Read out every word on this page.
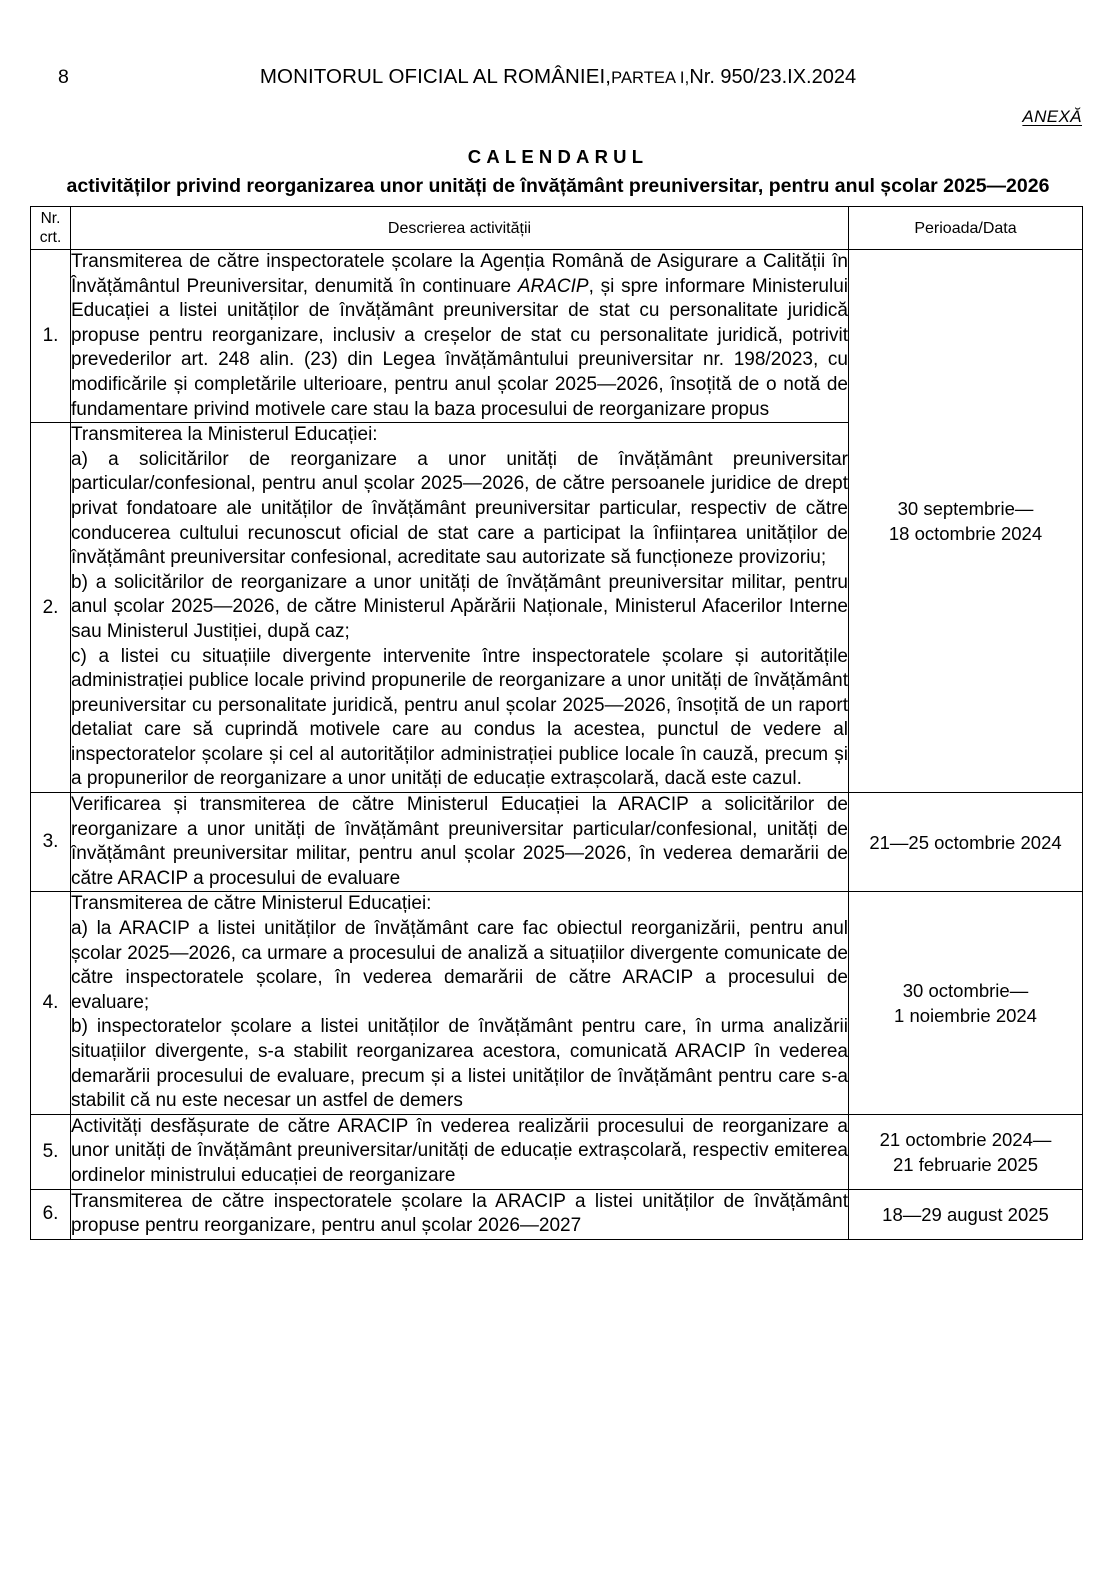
8	MONITORUL OFICIAL AL ROMÂNIEI,PARTEA I,Nr. 950/23.IX.2024
ANEXĂ
CALENDARUL
activităților privind reorganizarea unor unități de învățământ preuniversitar, pentru anul școlar 2025—2026
Nr.
crt.	Descrierea activității	Perioada/Data
1.	Transmiterea de către inspectoratele școlare la Agenția Română de Asigurare a Calității în Învățământul Preuniversitar, denumită în continuare ARACIP, și spre informare Ministerului Educației a listei unităților de învățământ preuniversitar de stat cu personalitate juridică propuse pentru reorganizare, inclusiv a creșelor de stat cu personalitate juridică, potrivit prevederilor art. 248 alin. (23) din Legea învățământului preuniversitar nr. 198/2023, cu modificările și completările ulterioare, pentru anul școlar 2025—2026, însoțită de o notă de fundamentare privind motivele care stau la baza procesului de reorganizare propus	30 septembrie—
18 octombrie 2024
2.	Transmiterea la Ministerul Educației:

a) a solicitărilor de reorganizare a unor unități de învățământ preuniversitar particular/confesional, pentru anul școlar 2025—2026, de către persoanele juridice de drept privat fondatoare ale unităților de învățământ preuniversitar particular, respectiv de către conducerea cultului recunoscut oficial de stat care a participat la înființarea unităților de învățământ preuniversitar confesional, acreditate sau autorizate să funcționeze provizoriu;

b) a solicitărilor de reorganizare a unor unități de învățământ preuniversitar militar, pentru anul școlar 2025—2026, de către Ministerul Apărării Naționale, Ministerul Afacerilor Interne sau Ministerul Justiției, după caz;

c) a listei cu situațiile divergente intervenite între inspectoratele școlare și autoritățile administrației publice locale privind propunerile de reorganizare a unor unități de învățământ preuniversitar cu personalitate juridică, pentru anul școlar 2025—2026, însoțită de un raport detaliat care să cuprindă motivele care au condus la acestea, punctul de vedere al inspectoratelor școlare și cel al autorităților administrației publice locale în cauză, precum și a propunerilor de reorganizare a unor unități de educație extrașcolară, dacă este cazul.	

3.	Verificarea și transmiterea de către Ministerul Educației la ARACIP a solicitărilor de reorganizare a unor unități de învățământ preuniversitar particular/confesional, unități de învățământ preuniversitar militar, pentru anul școlar 2025—2026, în vederea demarării de către ARACIP a procesului de evaluare	21—25 octombrie 2024
4.	

Transmiterea de către Ministerul Educației:

a) la ARACIP a listei unităților de învățământ care fac obiectul reorganizării, pentru anul școlar 2025—2026, ca urmare a procesului de analiză a situațiilor divergente comunicate de către inspectoratele școlare, în vederea demarării de către ARACIP a procesului de evaluare;

b) inspectoratelor școlare a listei unităților de învățământ pentru care, în urma analizării situațiilor divergente, s-a stabilit reorganizarea acestora, comunicată ARACIP în vederea demarării procesului de evaluare, precum și a listei unităților de învățământ pentru care s-a stabilit că nu este necesar un astfel de demers

	30 octombrie—
1 noiembrie 2024
5.	Activități desfășurate de către ARACIP în vederea realizării procesului de reorganizare a unor unități de învățământ preuniversitar/unități de educație extrașcolară, respectiv emiterea ordinelor ministrului educației de reorganizare	21 octombrie 2024—
21 februarie 2025
6.	Transmiterea de către inspectoratele școlare la ARACIP a listei unităților de învățământ propuse pentru reorganizare, pentru anul școlar 2026—2027	18—29 august 2025
